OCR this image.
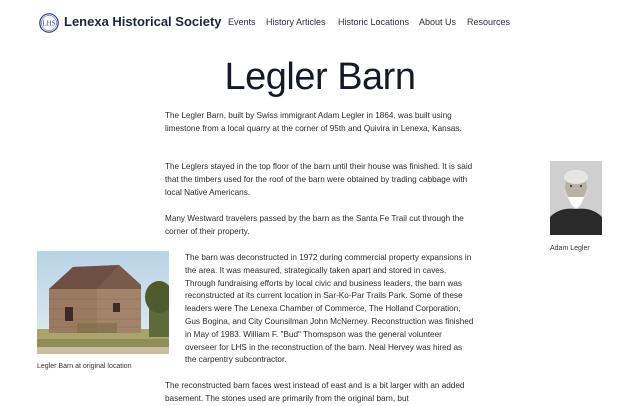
LHS Lenexa Historical Society Events History Articles Historic Locations About Us Resources
Legler Barn

The Legler Barn, built by Swiss immigrant Adam Legler in 1864, was built using limestone from a local quarry at the corner of 95th and Quivira in Lenexa, Kansas.

The Leglers stayed in the top floor of the barn until their house was finished. It is said that the timbers used for the roof of the barn were obtained by trading cabbage with local Native Americans.

Many Westward travelers passed by the barn as the Santa Fe Trail cut through the corner of their property.

The barn was deconstructed in 1972 during commercial property expansions in the area. It was measured, strategically taken apart and stored in caves. Through fundraising efforts by local civic and business leaders, the barn was reconstructed at its current location in Sar-Ko-Par Trails Park. Some of these leaders were The Lenexa Chamber of Commerce, The Holland Corporation, Gus Bogina, and City Counsilman John McNerney. Reconstruction was finished in May of 1983. William F. "Bud" Thomspson was the general volunteer overseer for LHS in the reconstruction of the barn. Neal Hervey was hired as the carpentry subcontractor.

The reconstructed barn faces west instead of east and is a bit larger with an added basement. The stones used are primarily from the original barn, but

Legler Barn at original location
Adam Legler
